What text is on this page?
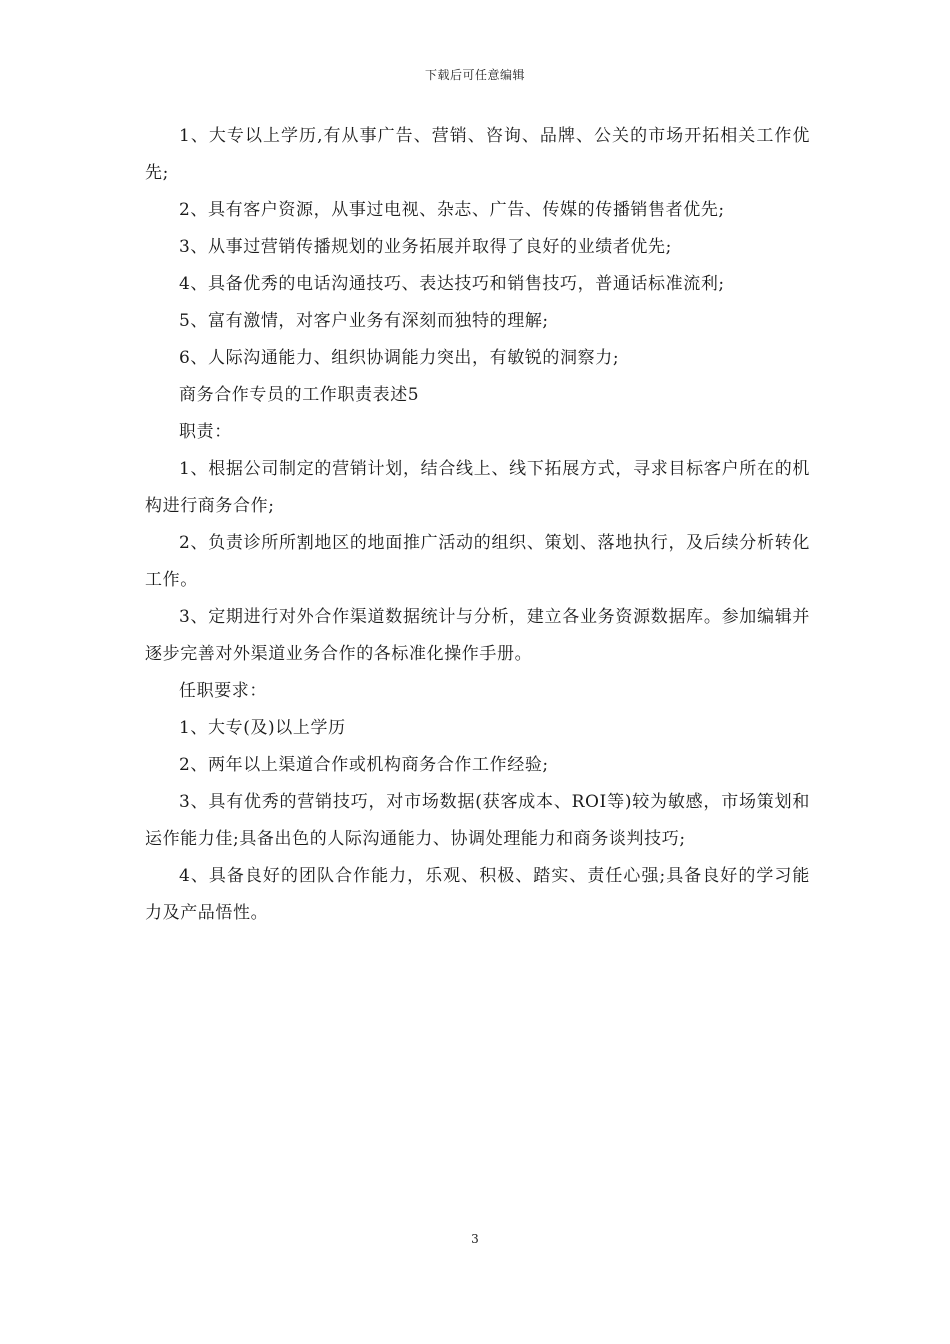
下载后可任意编辑

1、大专以上学历,有从事广告、营销、咨询、品牌、公关的市场开拓相关工作优先;

2、具有客户资源，从事过电视、杂志、广告、传媒的传播销售者优先;

3、从事过营销传播规划的业务拓展并取得了良好的业绩者优先;

4、具备优秀的电话沟通技巧、表达技巧和销售技巧，普通话标准流利;

5、富有激情，对客户业务有深刻而独特的理解;

6、人际沟通能力、组织协调能力突出，有敏锐的洞察力;

商务合作专员的工作职责表述5

职责：

1、根据公司制定的营销计划，结合线上、线下拓展方式，寻求目标客户所在的机构进行商务合作;

2、负责诊所所割地区的地面推广活动的组织、策划、落地执行，及后续分析转化工作。

3、定期进行对外合作渠道数据统计与分析，建立各业务资源数据库。参加编辑并逐步完善对外渠道业务合作的各标准化操作手册。

任职要求：

1、大专(及)以上学历

2、两年以上渠道合作或机构商务合作工作经验;

3、具有优秀的营销技巧，对市场数据(获客成本、ROI等)较为敏感，市场策划和运作能力佳;具备出色的人际沟通能力、协调处理能力和商务谈判技巧;

4、具备良好的团队合作能力，乐观、积极、踏实、责任心强;具备良好的学习能力及产品悟性。

3
